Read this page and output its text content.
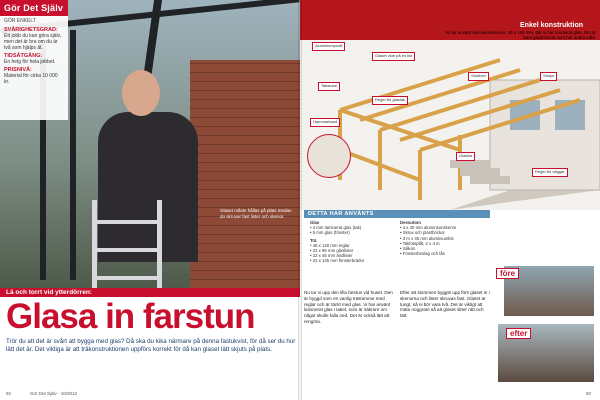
Glaset måste hållas på plats medan du skruvar fast lister och skenor.
Gör Det Själv
GÖR ENKELT
SVÅRIGHETSGRAD:
Ett jobb du kan göra själv, men det är bra om du är två som hjälps åt.
TIDSÅTGÅNG:
En helg för hela jobbet.
PRISNIVÅ:
Material för cirka 10 000 kr.
Lä och torrt vid ytterdörren:
Trör du att det är svårt att bygga med glas? Då ska du kika närmare på denna fastukvist, för då ser du hur lätt det är. Det viktiga är att träkonstruktionen uppförs korrekt för då kan glaset lätt skjuts på plats.
92	Gör Det Själv · 10/2012
Enkel konstruktion
Vi har använt aluminiumskenor, 45 x 120 mm, där vi har monterat glas. Det är bara glaslistorna som har andra mått.
Aluminiumprofil
Glaset vilar på en list
Takstolar
Regel för glastak
Stödben	Stolpe
Hammarband
Glaslist
Regel för väggar
DETTA HAR ANVÄNTS
Glas
• 4 mm laminerat glas (tak)
• 5 mm glas (fönster)
Trä
• 45 x 120 mm reglar
• 22 x 95 mm glaslister
• 22 x 45 mm ändlister
• 22 x 145 mm fönsterbrädor
Dessutom
• 4 x 40 mm aluminiumskenor
• Skruv och plastbrickor
• 3 m x 45 mm aluminiumlist
• Takfotsplåt, 2 x 4 m
• Silikon
• Fönsterbeslag och lås
före
efter
Glasa in farstun
Nu tar vi upp den lilla farstun vid huset. Den är byggd som en vanlig trästomme med reglar och är täckt med glas. Vi har använt laminerat glas i taket, som är säkrare om något skulle falla ned. Det är också lätt att rengöra.
Efter att stommen byggts upp förs glaset in i skenorna och lister skruvas fast. Glaset är tungt, så ni bör vara två. Det är viktigt att mäta noggrant så att glaset sitter rätt och tätt.
93
